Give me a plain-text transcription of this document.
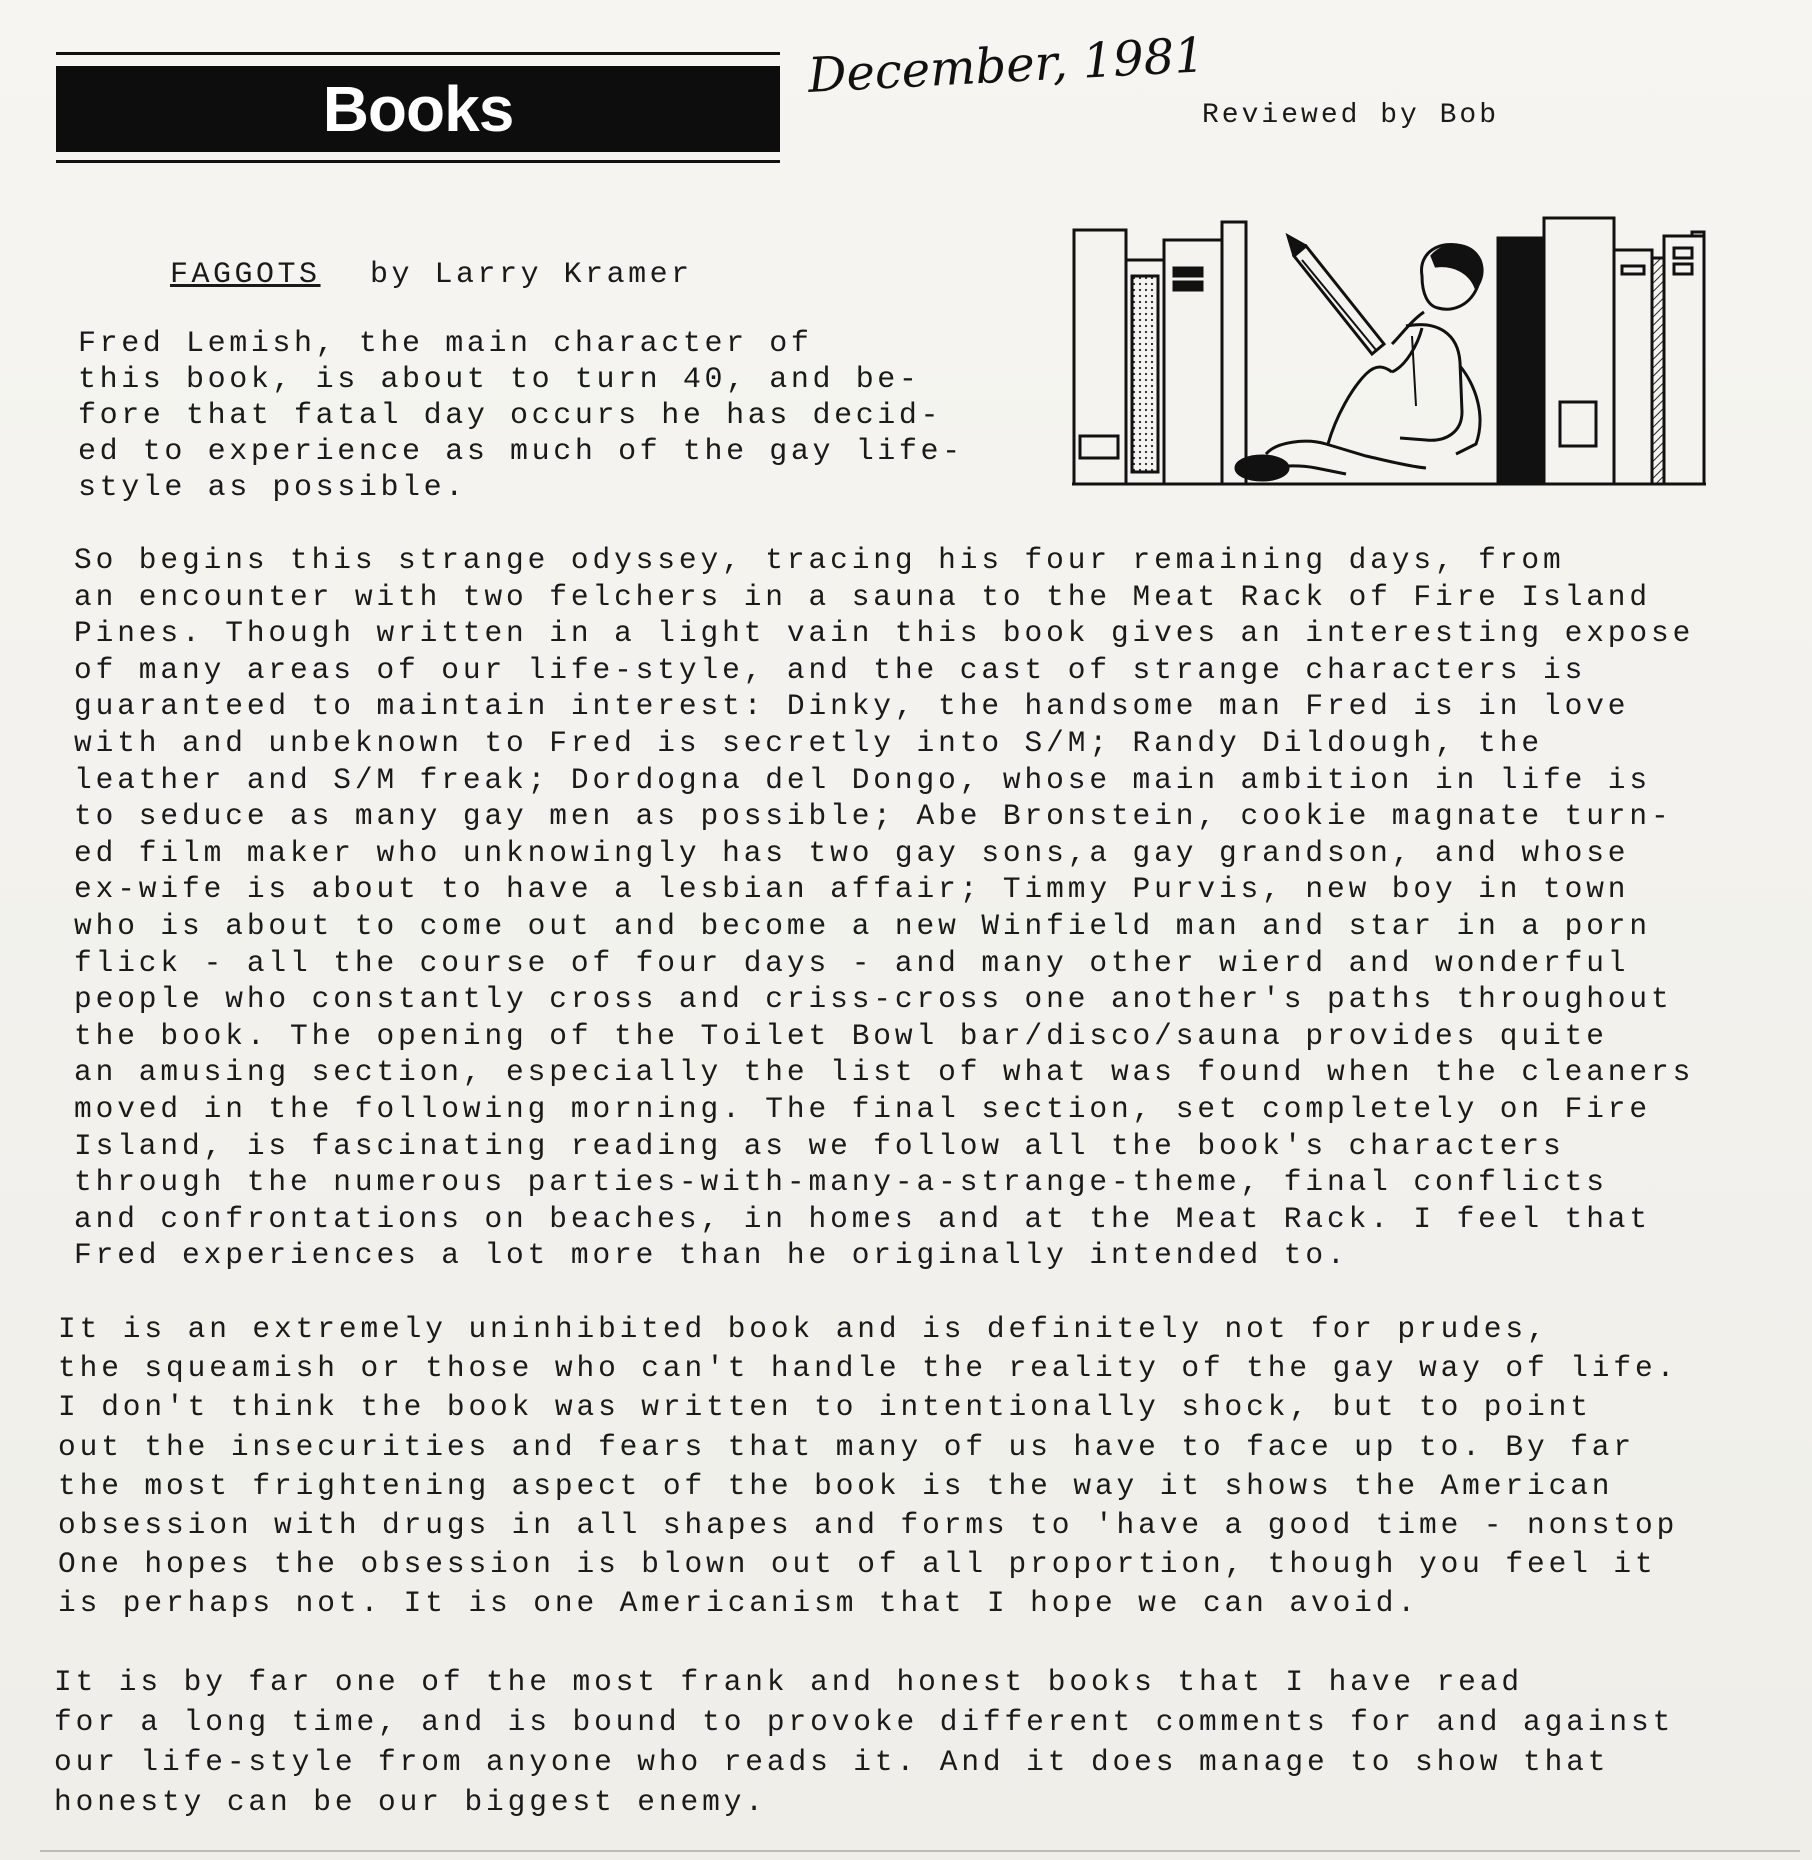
Books
December, 1981
Reviewed by Bob
FAGGOTS by Larry Kramer

Fred Lemish, the main character of
this book, is about to turn 40, and be-
fore that fatal day occurs he has decid-
ed to experience as much of the gay life-
style as possible.

So begins this strange odyssey, tracing his four remaining days, from
an encounter with two felchers in a sauna to the Meat Rack of Fire Island
Pines. Though written in a light vain this book gives an interesting expose
of many areas of our life-style, and the cast of strange characters is
guaranteed to maintain interest: Dinky, the handsome man Fred is in love
with and unbeknown to Fred is secretly into S/M; Randy Dildough, the
leather and S/M freak; Dordogna del Dongo, whose main ambition in life is
to seduce as many gay men as possible; Abe Bronstein, cookie magnate turn-
ed film maker who unknowingly has two gay sons,a gay grandson, and whose
ex-wife is about to have a lesbian affair; Timmy Purvis, new boy in town
who is about to come out and become a new Winfield man and star in a porn
flick - all the course of four days - and many other wierd and wonderful
people who constantly cross and criss-cross one another's paths throughout
the book. The opening of the Toilet Bowl bar/disco/sauna provides quite
an amusing section, especially the list of what was found when the cleaners
moved in the following morning. The final section, set completely on Fire
Island, is fascinating reading as we follow all the book's characters
through the numerous parties-with-many-a-strange-theme, final conflicts
and confrontations on beaches, in homes and at the Meat Rack. I feel that
Fred experiences a lot more than he originally intended to.

It is an extremely uninhibited book and is definitely not for prudes,
the squeamish or those who can't handle the reality of the gay way of life.
I don't think the book was written to intentionally shock, but to point
out the insecurities and fears that many of us have to face up to. By far
the most frightening aspect of the book is the way it shows the American
obsession with drugs in all shapes and forms to 'have a good time - nonstop
One hopes the obsession is blown out of all proportion, though you feel it
is perhaps not. It is one Americanism that I hope we can avoid.

It is by far one of the most frank and honest books that I have read
for a long time, and is bound to provoke different comments for and against
our life-style from anyone who reads it. And it does manage to show that
honesty can be our biggest enemy.
